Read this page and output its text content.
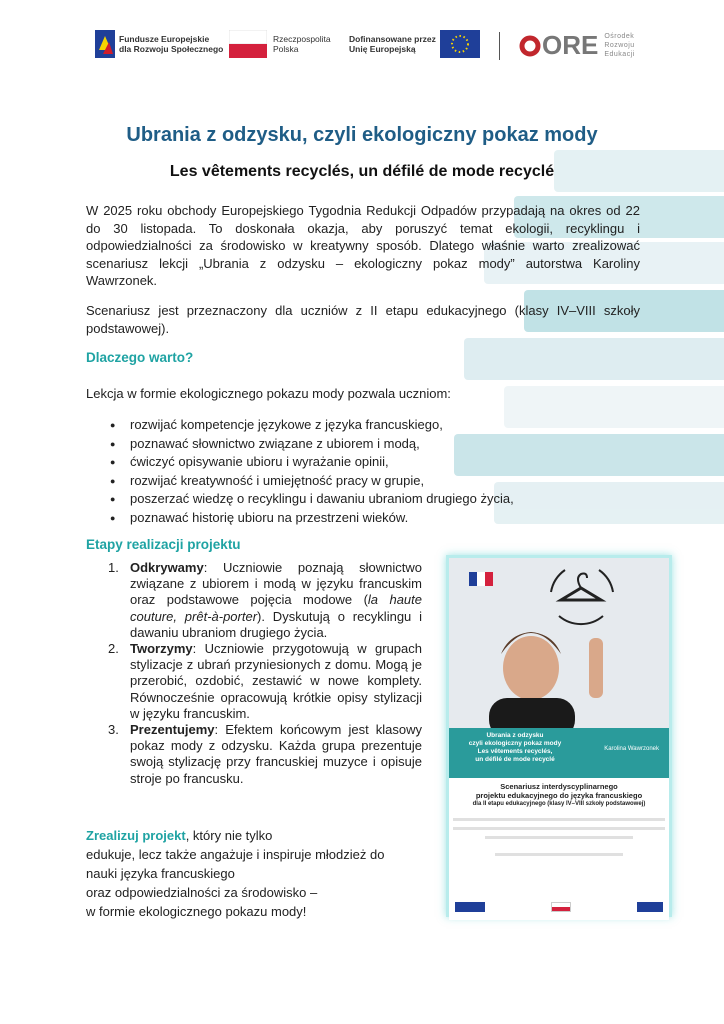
Fundusze Europejskie
dla Rozwoju Społecznego
Rzeczpospolita
Polska
Dofinansowane przez
Unię Europejską	ORE Ośrodek
Rozwoju
Edukacji
Ubrania z odzysku, czyli ekologiczny pokaz mody
Les vêtements recyclés, un défilé de mode recyclé
W 2025 roku obchody Europejskiego Tygodnia Redukcji Odpadów przypadają na okres od 22 do 30 listopada. To doskonała okazja, aby poruszyć temat ekologii, recyklingu i odpowiedzialności za środowisko w kreatywny sposób. Dlatego właśnie warto zrealizować scenariusz lekcji „Ubrania z odzysku – ekologiczny pokaz mody” autorstwa Karoliny Wawrzonek.
Scenariusz jest przeznaczony dla uczniów z II etapu edukacyjnego (klasy IV–VIII szkoły podstawowej).
Dlaczego warto?
Lekcja w formie ekologicznego pokazu mody pozwala uczniom:
● rozwijać kompetencje językowe z języka francuskiego,
● poznawać słownictwo związane z ubiorem i modą,
● ćwiczyć opisywanie ubioru i wyrażanie opinii,
● rozwijać kreatywność i umiejętność pracy w grupie,
● poszerzać wiedzę o recyklingu i dawaniu ubraniom drugiego życia,
● poznawać historię ubioru na przestrzeni wieków.
Etapy realizacji projektu
1. Odkrywamy: Uczniowie poznają słownictwo związane z ubiorem i modą w języku francuskim oraz podstawowe pojęcia modowe (la haute couture, prêt-à-porter). Dyskutują o recyklingu i dawaniu ubraniom drugiego życia.
2. Tworzymy: Uczniowie przygotowują w grupach stylizacje z ubrań przyniesionych z domu. Mogą je przerobić, ozdobić, zestawić w nowe komplety. Równocześnie opracowują krótkie opisy stylizacji w języku francuskim.
3. Prezentujemy: Efektem końcowym jest klasowy pokaz mody z odzysku. Każda grupa prezentuje swoją stylizację przy francuskiej muzyce i opisuje stroje po francusku.
Zrealizuj projekt, który nie tylko
edukuje, lecz także angażuje i inspiruje młodzież do
nauki języka francuskiego
oraz odpowiedzialności za środowisko –
w formie ekologicznego pokazu mody!
Ubrania z odzysku
czyli ekologiczny pokaz mody
Les vêtements recyclés,
un défilé de mode recyclé
Karolina Wawrzonek
Scenariusz interdyscyplinarnego
projektu edukacyjnego do języka francuskiego
dla II etapu edukacyjnego (klasy IV–VIII szkoły podstawowej)
